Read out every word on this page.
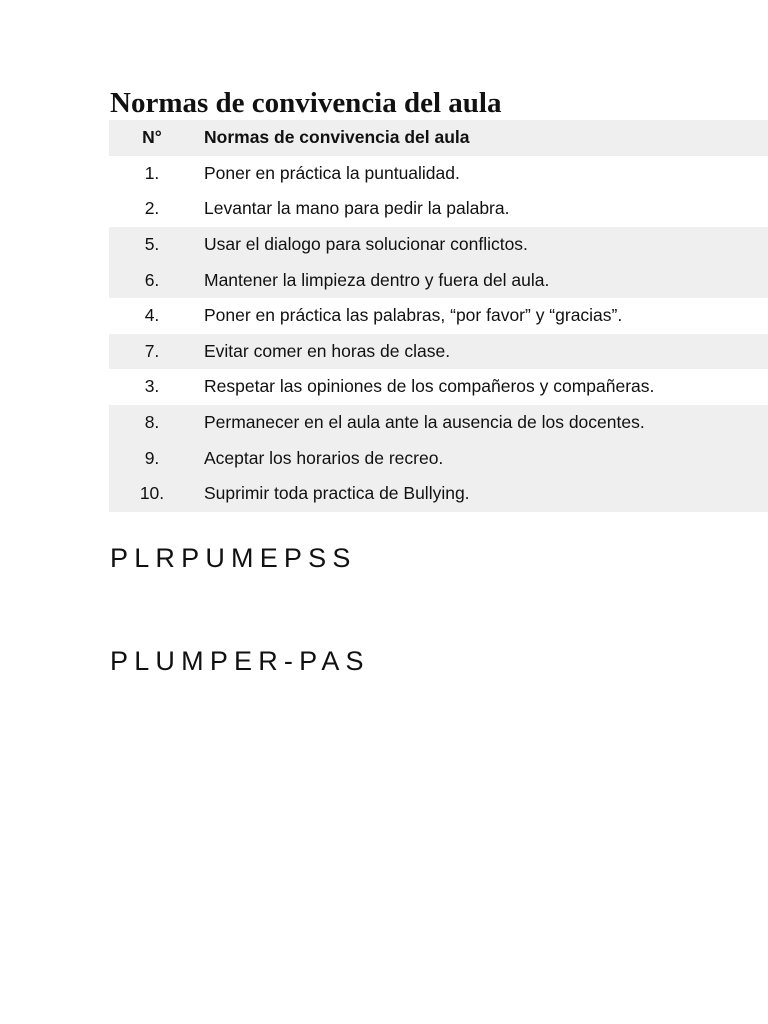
Normas de convivencia del aula
N°	Normas de convivencia del aula
1.	Poner en práctica la puntualidad.
2.	Levantar la mano para pedir la palabra.
5.	Usar el dialogo para solucionar conflictos.
6.	Mantener la limpieza dentro y fuera del aula.
4.	Poner en práctica las palabras, “por favor” y “gracias”.
7.	Evitar comer en horas de clase.
3.	Respetar las opiniones de los compañeros y compañeras.
8.	Permanecer en el aula ante la ausencia de los docentes.
9.	Aceptar los horarios de recreo.
10.	Suprimir toda practica de Bullying.

PLRPUMEPSS

PLUMPER-PAS
